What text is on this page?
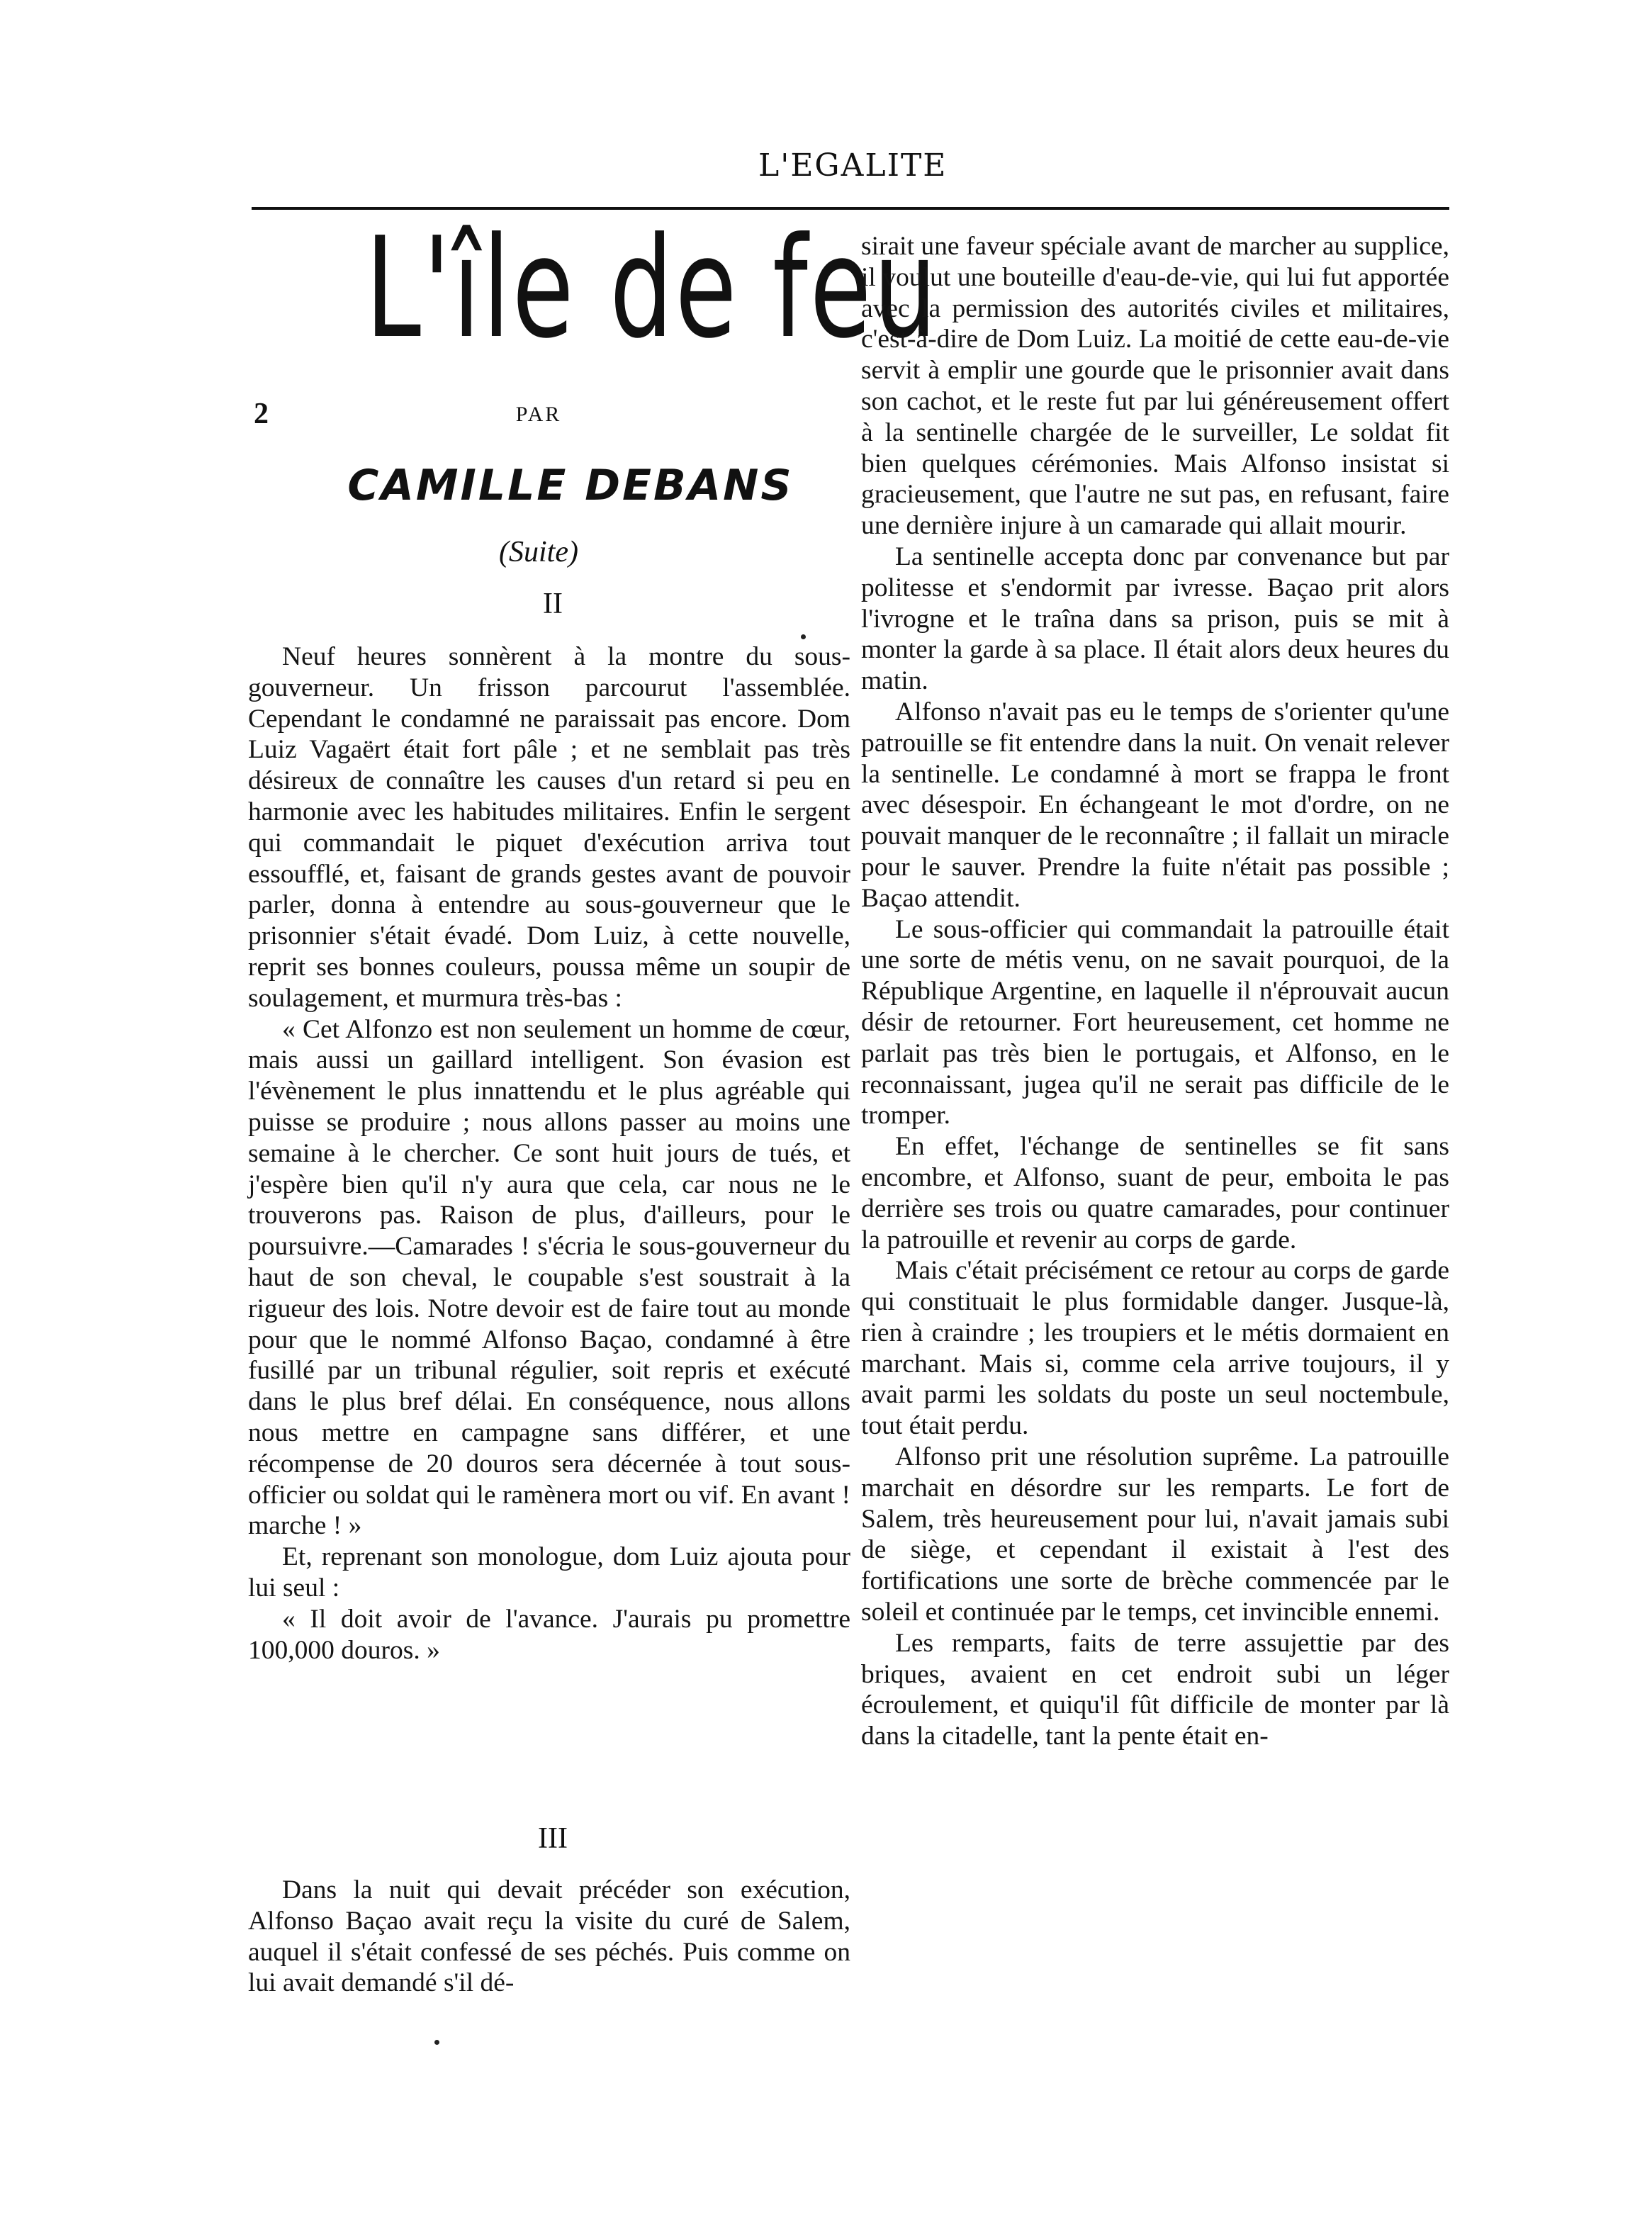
L'EGALITE
L'île de feu
2	PAR
CAMILLE DEBANS
(Suite)
II

Neuf heures sonnèrent à la montre du sous-gouverneur. Un frisson parcourut l'assemblée. Cependant le condamné ne paraissait pas encore. Dom Luiz Vagaërt était fort pâle ; et ne semblait pas très désireux de connaître les causes d'un retard si peu en harmonie avec les habitudes militaires. Enfin le sergent qui commandait le piquet d'exécution arriva tout essoufflé, et, faisant de grands gestes avant de pouvoir parler, donna à entendre au sous-gouverneur que le prisonnier s'était évadé. Dom Luiz, à cette nouvelle, reprit ses bonnes couleurs, poussa même un soupir de soulagement, et murmura très-bas :

« Cet Alfonzo est non seulement un homme de cœur, mais aussi un gaillard intelligent. Son évasion est l'évènement le plus innattendu et le plus agréable qui puisse se produire ; nous allons passer au moins une semaine à le chercher. Ce sont huit jours de tués, et j'espère bien qu'il n'y aura que cela, car nous ne le trouverons pas. Raison de plus, d'ailleurs, pour le poursuivre.—Camarades ! s'écria le sous-gouverneur du haut de son cheval, le coupable s'est soustrait à la rigueur des lois. Notre devoir est de faire tout au monde pour que le nommé Alfonso Baçao, condamné à être fusillé par un tribunal régulier, soit repris et exécuté dans le plus bref délai. En conséquence, nous allons nous mettre en campagne sans différer, et une récompense de 20 douros sera décernée à tout sous-officier ou soldat qui le ramènera mort ou vif. En avant ! marche ! »

Et, reprenant son monologue, dom Luiz ajouta pour lui seul :

« Il doit avoir de l'avance. J'aurais pu promettre 100,000 douros. »

III

Dans la nuit qui devait précéder son exécution, Alfonso Baçao avait reçu la visite du curé de Salem, auquel il s'était confessé de ses péchés. Puis comme on lui avait demandé s'il dé-

sirait une faveur spéciale avant de marcher au supplice, il voulut une bouteille d'eau-de-vie, qui lui fut apportée avec la permission des autorités civiles et militaires, c'est-à-dire de Dom Luiz. La moitié de cette eau-de-vie servit à emplir une gourde que le prisonnier avait dans son cachot, et le reste fut par lui généreusement offert à la sentinelle chargée de le surveiller, Le soldat fit bien quelques cérémonies. Mais Alfonso insistat si gracieusement, que l'autre ne sut pas, en refusant, faire une dernière injure à un camarade qui allait mourir.

La sentinelle accepta donc par convenance but par politesse et s'endormit par ivresse. Baçao prit alors l'ivrogne et le traîna dans sa prison, puis se mit à monter la garde à sa place. Il était alors deux heures du matin.

Alfonso n'avait pas eu le temps de s'orienter qu'une patrouille se fit entendre dans la nuit. On venait relever la sentinelle. Le condamné à mort se frappa le front avec désespoir. En échangeant le mot d'ordre, on ne pouvait manquer de le reconnaître ; il fallait un miracle pour le sauver. Prendre la fuite n'était pas possible ; Baçao attendit.

Le sous-officier qui commandait la patrouille était une sorte de métis venu, on ne savait pourquoi, de la République Argentine, en laquelle il n'éprouvait aucun désir de retourner. Fort heureusement, cet homme ne parlait pas très bien le portugais, et Alfonso, en le reconnaissant, jugea qu'il ne serait pas difficile de le tromper.

En effet, l'échange de sentinelles se fit sans encombre, et Alfonso, suant de peur, emboita le pas derrière ses trois ou quatre camarades, pour continuer la patrouille et revenir au corps de garde.

Mais c'était précisément ce retour au corps de garde qui constituait le plus formidable danger. Jusque-là, rien à craindre ; les troupiers et le métis dormaient en marchant. Mais si, comme cela arrive toujours, il y avait parmi les soldats du poste un seul noctembule, tout était perdu.

Alfonso prit une résolution suprême. La patrouille marchait en désordre sur les remparts. Le fort de Salem, très heureusement pour lui, n'avait jamais subi de siège, et cependant il existait à l'est des fortifications une sorte de brèche commencée par le soleil et continuée par le temps, cet invincible ennemi.

Les remparts, faits de terre assujettie par des briques, avaient en cet endroit subi un léger écroulement, et quiqu'il fût difficile de monter par là dans la citadelle, tant la pente était en-
